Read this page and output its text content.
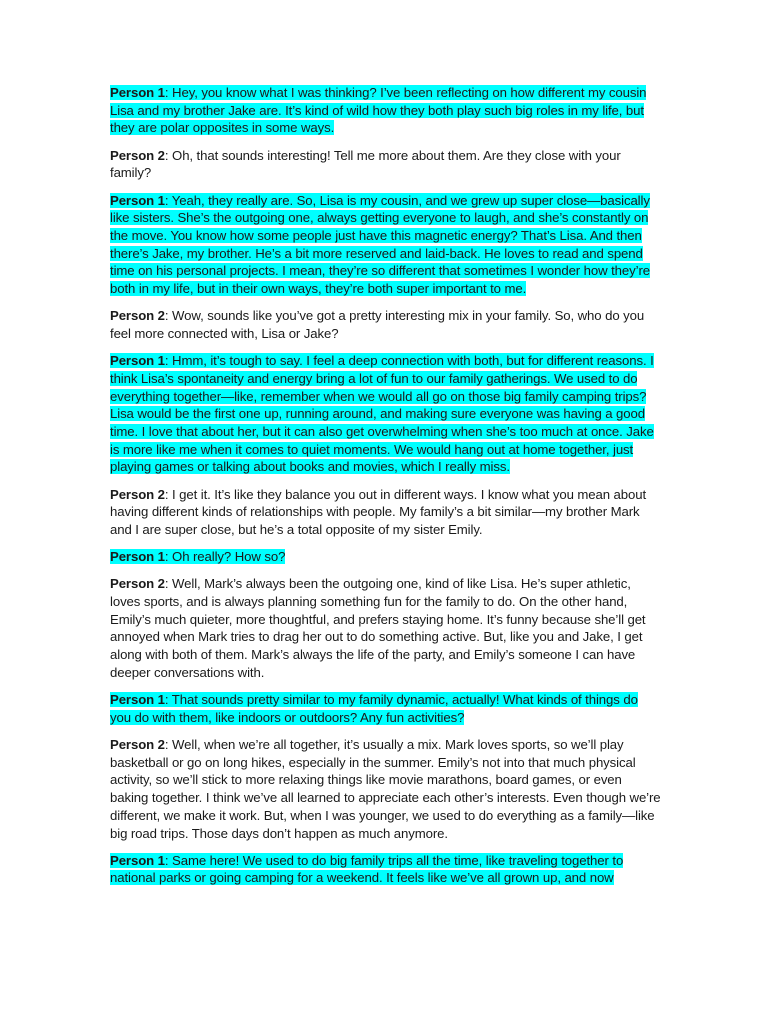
Person 1: Hey, you know what I was thinking? I’ve been reflecting on how different my cousin Lisa and my brother Jake are. It’s kind of wild how they both play such big roles in my life, but they are polar opposites in some ways.

Person 2: Oh, that sounds interesting! Tell me more about them. Are they close with your family?

Person 1: Yeah, they really are. So, Lisa is my cousin, and we grew up super close—basically like sisters. She’s the outgoing one, always getting everyone to laugh, and she’s constantly on the move. You know how some people just have this magnetic energy? That’s Lisa. And then there’s Jake, my brother. He’s a bit more reserved and laid-back. He loves to read and spend time on his personal projects. I mean, they’re so different that sometimes I wonder how they’re both in my life, but in their own ways, they’re both super important to me.

Person 2: Wow, sounds like you’ve got a pretty interesting mix in your family. So, who do you feel more connected with, Lisa or Jake?

Person 1: Hmm, it’s tough to say. I feel a deep connection with both, but for different reasons. I think Lisa’s spontaneity and energy bring a lot of fun to our family gatherings. We used to do everything together—like, remember when we would all go on those big family camping trips? Lisa would be the first one up, running around, and making sure everyone was having a good time. I love that about her, but it can also get overwhelming when she’s too much at once. Jake is more like me when it comes to quiet moments. We would hang out at home together, just playing games or talking about books and movies, which I really miss.

Person 2: I get it. It’s like they balance you out in different ways. I know what you mean about having different kinds of relationships with people. My family’s a bit similar—my brother Mark and I are super close, but he’s a total opposite of my sister Emily.

Person 1: Oh really? How so?

Person 2: Well, Mark’s always been the outgoing one, kind of like Lisa. He’s super athletic, loves sports, and is always planning something fun for the family to do. On the other hand, Emily’s much quieter, more thoughtful, and prefers staying home. It’s funny because she’ll get annoyed when Mark tries to drag her out to do something active. But, like you and Jake, I get along with both of them. Mark’s always the life of the party, and Emily’s someone I can have deeper conversations with.

Person 1: That sounds pretty similar to my family dynamic, actually! What kinds of things do you do with them, like indoors or outdoors? Any fun activities?

Person 2: Well, when we’re all together, it’s usually a mix. Mark loves sports, so we’ll play basketball or go on long hikes, especially in the summer. Emily’s not into that much physical activity, so we’ll stick to more relaxing things like movie marathons, board games, or even baking together. I think we’ve all learned to appreciate each other’s interests. Even though we’re different, we make it work. But, when I was younger, we used to do everything as a family—like big road trips. Those days don’t happen as much anymore.

Person 1: Same here! We used to do big family trips all the time, like traveling together to national parks or going camping for a weekend. It feels like we’ve all grown up, and now
